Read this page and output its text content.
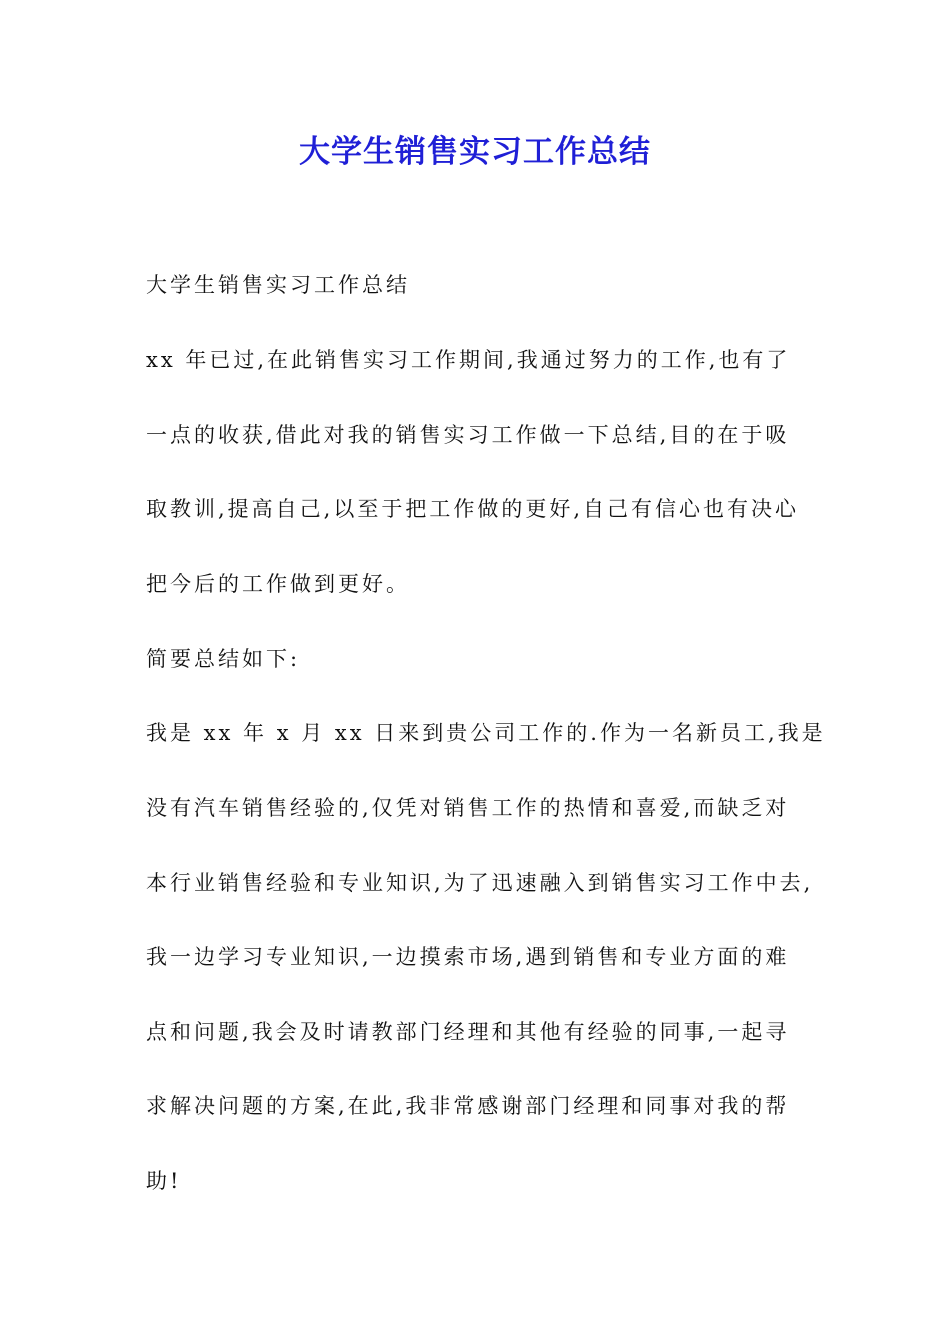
大学生销售实习工作总结

大学生销售实习工作总结

xx 年已过,在此销售实习工作期间,我通过努力的工作,也有了

一点的收获,借此对我的销售实习工作做一下总结,目的在于吸

取教训,提高自己,以至于把工作做的更好,自己有信心也有决心

把今后的工作做到更好。

简要总结如下:

我是 xx 年 x 月 xx 日来到贵公司工作的.作为一名新员工,我是

没有汽车销售经验的,仅凭对销售工作的热情和喜爱,而缺乏对

本行业销售经验和专业知识,为了迅速融入到销售实习工作中去,

我一边学习专业知识,一边摸索市场,遇到销售和专业方面的难

点和问题,我会及时请教部门经理和其他有经验的同事,一起寻

求解决问题的方案,在此,我非常感谢部门经理和同事对我的帮

助!
